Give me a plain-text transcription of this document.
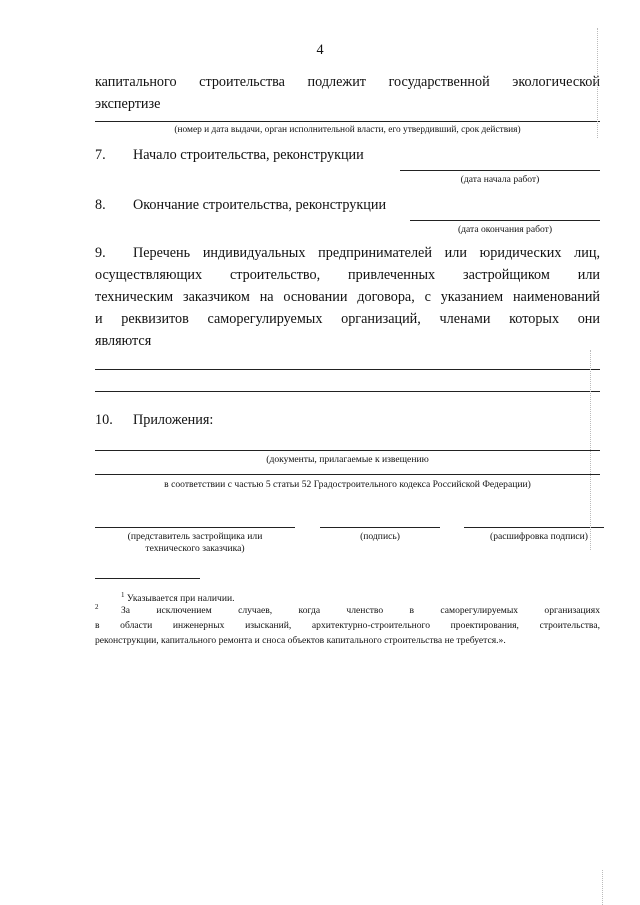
4
капитального строительства подлежит государственной экологической
экспертизе
(номер и дата выдачи, орган исполнительной власти, его утвердивший, срок действия)
7. Начало строительства, реконструкции
(дата начала работ)
8. Окончание строительства, реконструкции
(дата окончания работ)
9. Перечень индивидуальных предпринимателей или юридических лиц,
осуществляющих строительство, привлеченных застройщиком или
техническим заказчиком на основании договора, с указанием наименований
и реквизитов саморегулируемых организаций, членами которых они
являются
10. Приложения:
(документы, прилагаемые к извещению
в соответствии с частью 5 статьи 52 Градостроительного кодекса Российской Федерации)
(представитель застройщика или
технического заказчика)
(подпись)	(расшифровка подписи)
$^1$ Указывается при наличии.
2 За исключением случаев, когда членство в саморегулируемых организациях
в области инженерных изысканий, архитектурно-строительного проектирования, строительства,
реконструкции, капитального ремонта и сноса объектов капитального строительства не требуется.».
